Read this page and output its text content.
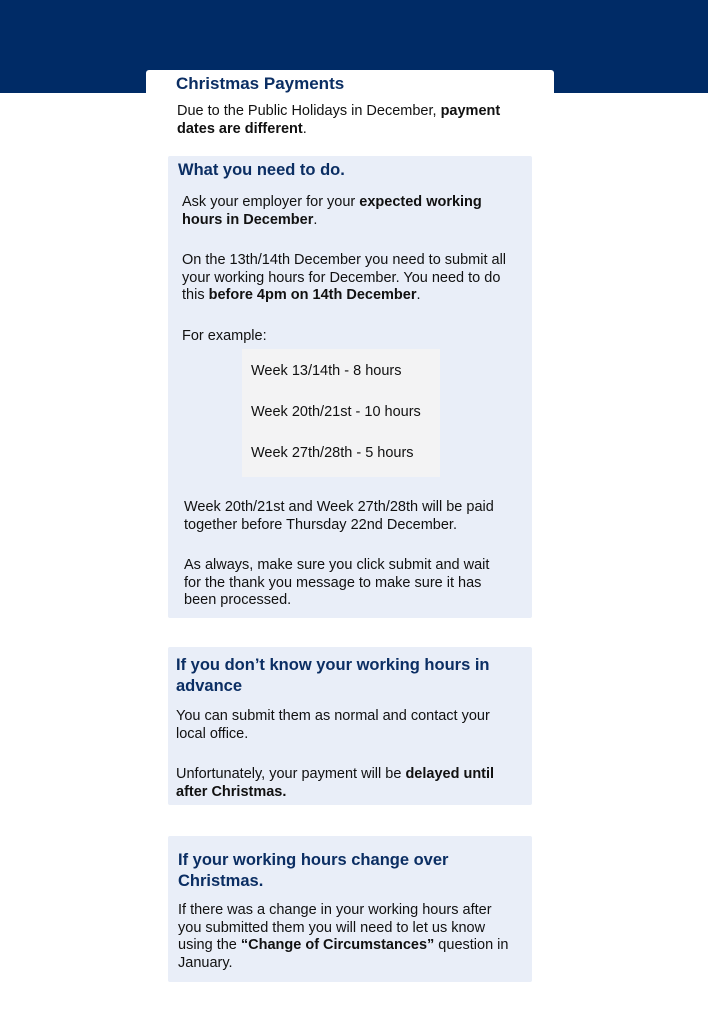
Christmas Payments

Due to the Public Holidays in December, payment dates are different.

What you need to do.

Ask your employer for your expected working hours in December.

On the 13th/14th December you need to submit all your working hours for December. You need to do this before 4pm on 14th December.

For example:

Week 13/14th - 8 hours

Week 20th/21st - 10 hours

Week 27th/28th - 5 hours

Week 20th/21st and Week 27th/28th will be paid together before Thursday 22nd December.

As always, make sure you click submit and wait for the thank you message to make sure it has been processed.

If you don’t know your working hours in advance

You can submit them as normal and contact your local office.

Unfortunately, your payment will be delayed until after Christmas.

If your working hours change over Christmas.

If there was a change in your working hours after you submitted them you will need to let us know using the “Change of Circumstances” question in January.
